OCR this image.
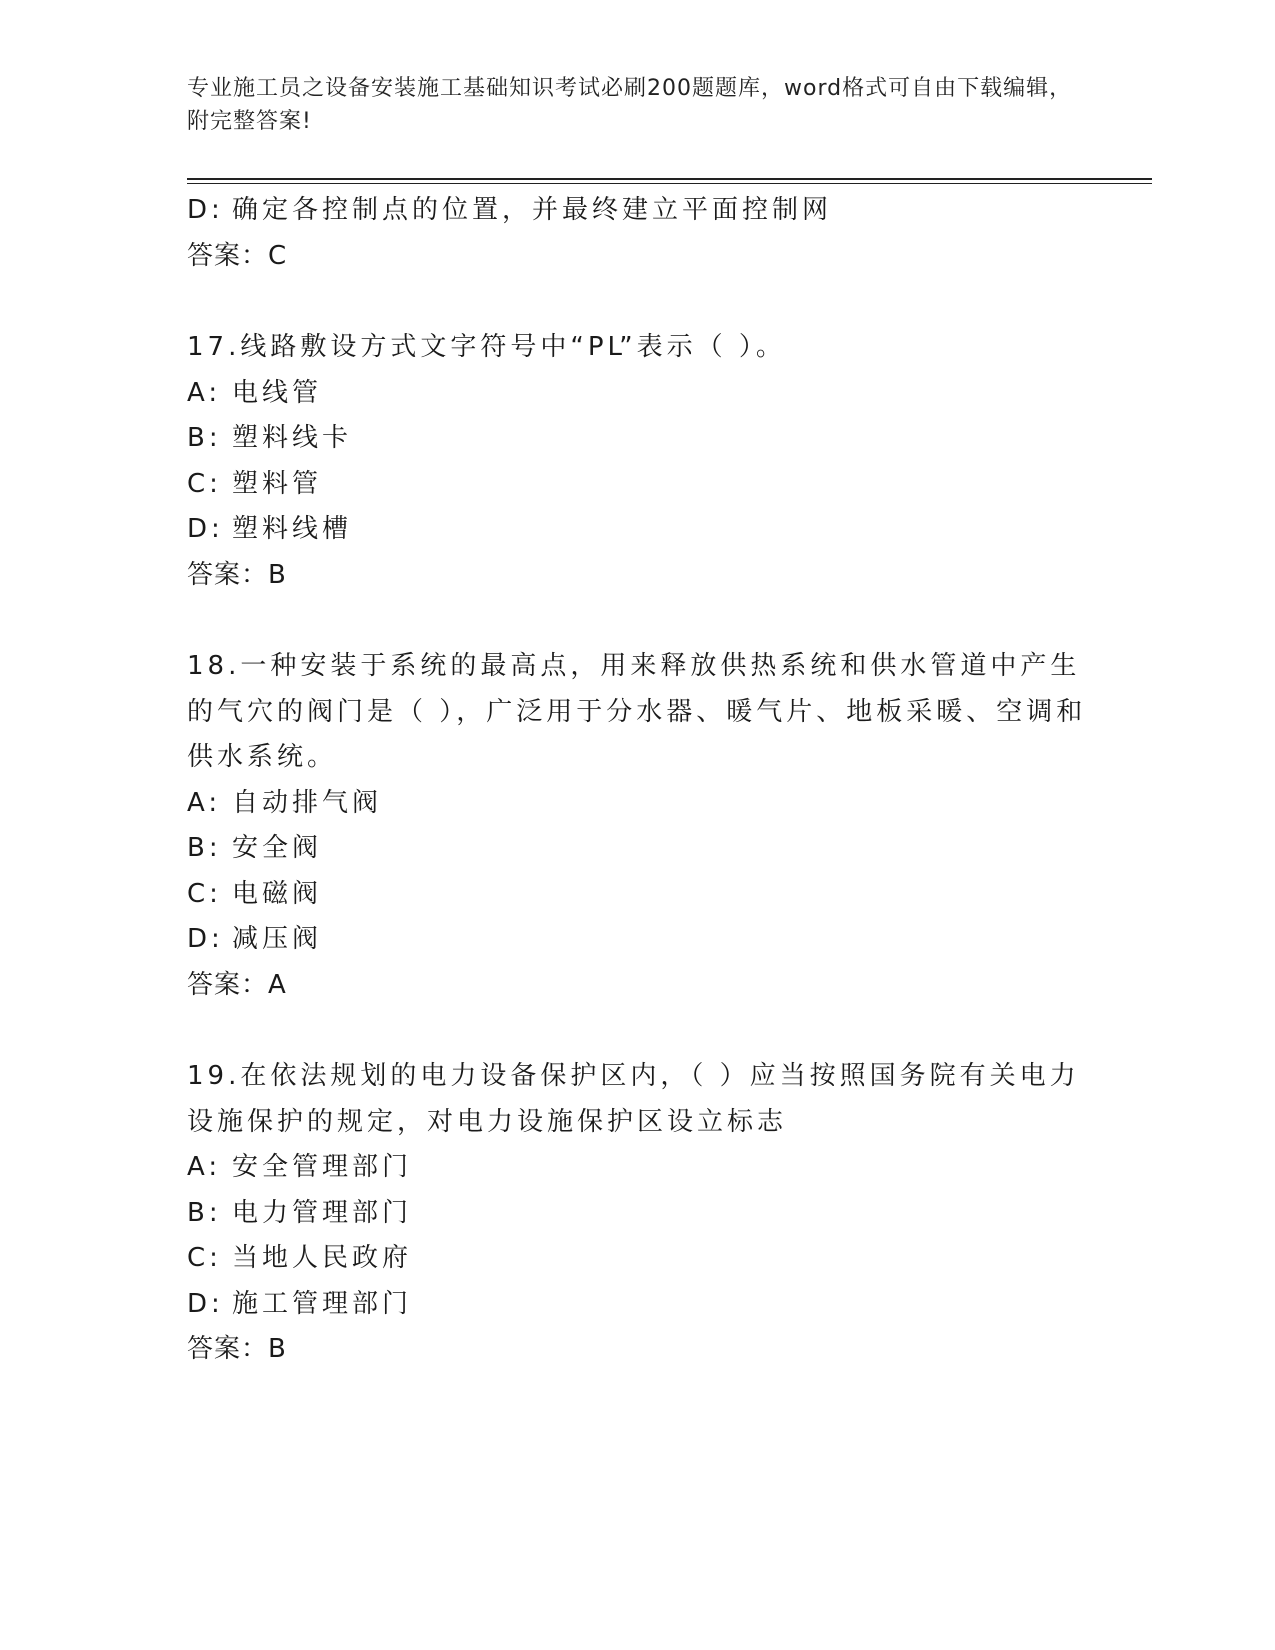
专业施工员之设备安装施工基础知识考试必刷200题题库，word格式可自由下载编辑，附完整答案!
D: 确定各控制点的位置，并最终建立平面控制网
答案：C
17.线路敷设方式文字符号中“PL”表示（ ）。
A: 电线管
B: 塑料线卡
C: 塑料管
D: 塑料线槽
答案：B
18.一种安装于系统的最高点，用来释放供热系统和供水管道中产生的气穴的阀门是（ ），广泛用于分水器、暖气片、地板采暖、空调和供水系统。
A: 自动排气阀
B: 安全阀
C: 电磁阀
D: 减压阀
答案：A
19.在依法规划的电力设备保护区内，（ ）应当按照国务院有关电力设施保护的规定，对电力设施保护区设立标志
A: 安全管理部门
B: 电力管理部门
C: 当地人民政府
D: 施工管理部门
答案：B
